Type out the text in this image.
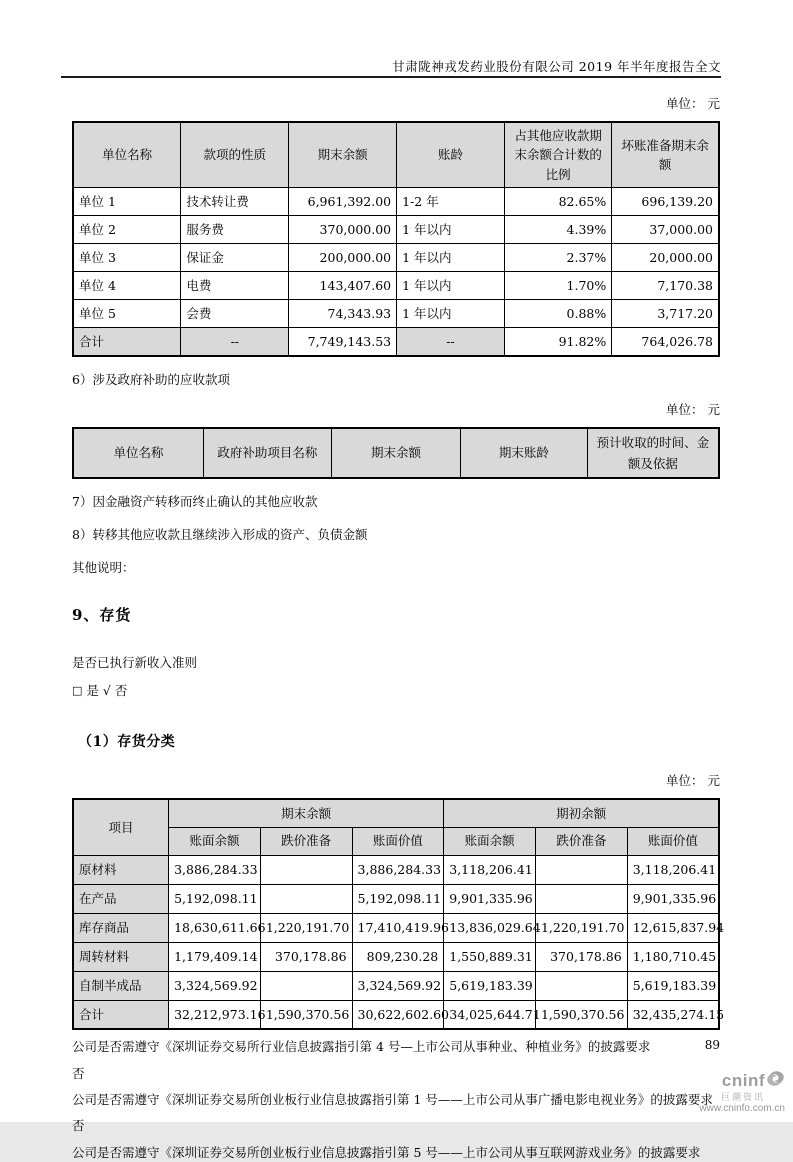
甘肃陇神戎发药业股份有限公司 2019 年半年度报告全文
单位： 元
单位名称	款项的性质	期末余额	账龄	占其他应收款期末余额合计数的比例	坏账准备期末余额
单位 1	技术转让费	6,961,392.00	1-2 年	82.65%	696,139.20
单位 2	服务费	370,000.00	1 年以内	4.39%	37,000.00
单位 3	保证金	200,000.00	1 年以内	2.37%	20,000.00
单位 4	电费	143,407.60	1 年以内	1.70%	7,170.38
单位 5	会费	74,343.93	1 年以内	0.88%	3,717.20
合计	--	7,749,143.53	--	91.82%	764,026.78

6）涉及政府补助的应收款项

单位： 元
单位名称	政府补助项目名称	期末余额	期末账龄	预计收取的时间、金额及依据

7）因金融资产转移而终止确认的其他应收款

8）转移其他应收款且继续涉入形成的资产、负债金额

其他说明：

9、存货

是否已执行新收入准则

□ 是 √ 否

（1）存货分类
单位： 元
项目	期末余额			期初余额		
	账面余额	跌价准备	账面价值	账面余额	跌价准备	账面价值
原材料	3,886,284.33		3,886,284.33	3,118,206.41		3,118,206.41
在产品	5,192,098.11		5,192,098.11	9,901,335.96		9,901,335.96
库存商品	18,630,611.66	1,220,191.70	17,410,419.96	13,836,029.64	1,220,191.70	12,615,837.94
周转材料	1,179,409.14	370,178.86	809,230.28	1,550,889.31	370,178.86	1,180,710.45
自制半成品	3,324,569.92		3,324,569.92	5,619,183.39		5,619,183.39
合计	32,212,973.16	1,590,370.56	30,622,602.60	34,025,644.71	1,590,370.56	32,435,274.15

公司是否需遵守《深圳证券交易所行业信息披露指引第 4 号—上市公司从事种业、种植业务》的披露要求

否

公司是否需遵守《深圳证券交易所创业板行业信息披露指引第 1 号——上市公司从事广播电影电视业务》的披露要求

否

公司是否需遵守《深圳证券交易所创业板行业信息披露指引第 5 号——上市公司从事互联网游戏业务》的披露要求

89
cninf
巨潮资讯
www.cninfo.com.cn
